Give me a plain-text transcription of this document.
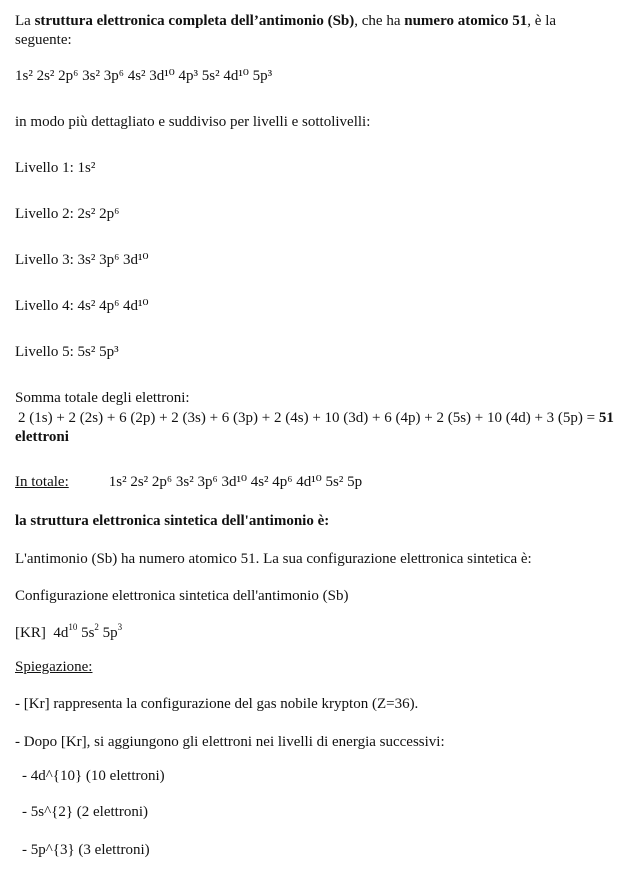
La struttura elettronica completa dell’antimonio (Sb), che ha numero atomico 51, è la seguente:
1s² 2s² 2p⁶ 3s² 3p⁶ 4s² 3d¹⁰ 4p³ 5s² 4d¹⁰ 5p³
in modo più dettagliato e suddiviso per livelli e sottolivelli:
Livello 1: 1s²
Livello 2: 2s² 2p⁶
Livello 3: 3s² 3p⁶ 3d¹⁰
Livello 4: 4s² 4p⁶ 4d¹⁰
Livello 5: 5s² 5p³
Somma totale degli elettroni:
2 (1s) + 2 (2s) + 6 (2p) + 2 (3s) + 6 (3p) + 2 (4s) + 10 (3d) + 6 (4p) + 2 (5s) + 10 (4d) + 3 (5p) = 51 elettroni
In totale:	1s² 2s² 2p⁶ 3s² 3p⁶ 3d¹⁰ 4s² 4p⁶ 4d¹⁰ 5s² 5p
la struttura elettronica sintetica dell'antimonio è:
L'antimonio (Sb) ha numero atomico 51. La sua configurazione elettronica sintetica è:
Configurazione elettronica sintetica dell'antimonio (Sb)
[KR] $4d^{10}$ $5s^2$ $5p^3$
Spiegazione:
- [Kr] rappresenta la configurazione del gas nobile krypton (Z=36).
- Dopo [Kr], si aggiungono gli elettroni nei livelli di energia successivi:
- 4d^{10} (10 elettroni)
- 5s^{2} (2 elettroni)
- 5p^{3} (3 elettroni)
